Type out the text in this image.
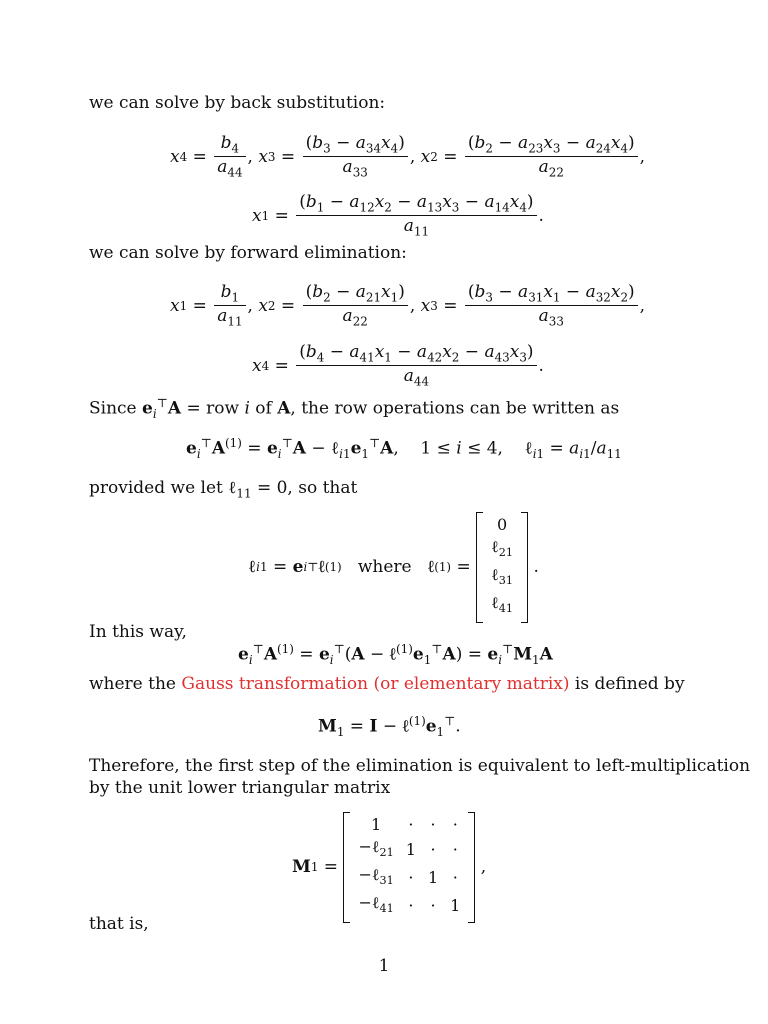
we can solve by back substitution:
x $4 = \frac{b_4}{a_{44}}$ , x $3 = \frac{(b_3 - a_{34}x_4)}{a_{33}}$ , x $2 = \frac{(b_2 - a_{23}x_3 - a_{24}x_4)}{a_{22}}$ ,
x $1 = \frac{(b_1 - a_{12}x_2 - a_{13}x_3 - a_{14}x_4)}{a_{11}}$ .
we can solve by forward elimination:
x $1 = \frac{b_1}{a_{11}}$ , x $2 = \frac{(b_2 - a_{21}x_1)}{a_{22}}$ , x $3 = \frac{(b_3 - a_{31}x_1 - a_{32}x_2)}{a_{33}}$ ,
x $4 = \frac{(b_4 - a_{41}x_1 - a_{42}x_2 - a_{43}x_3)}{a_{44}}$ .
Since $e_i^⊤A$ = row i of A, the row operations can be written as
$e_i^⊤A^{(1)} = e_i^⊤A$ − $\ell_{i1}e_1^⊤A$,    1 ≤ i ≤ 4,    ℓ$_{i1}$ = $a_{i1}/a_{11}$
provided we let ℓ$_{11}$ = 0, so that
ℓ i1 = e i ⊤ ℓ (1)
where
ℓ (1) =
0
ℓ$_{21}$
ℓ$_{31}$
ℓ$_{41}$
.
In this way,
$e_i^⊤A^{(1)} = e_i^⊤(A$ − $\ell^{(1)}e_1^⊤A) = e_i^⊤M_1A$
where the Gauss transformation (or elementary matrix) is defined by
$M_1 = I$ − $\ell^{(1)}e_1^⊤$.
Therefore, the first step of the elimination is equivalent to left-multiplication
by the unit lower triangular matrix
M 1 =
1	·	·	·
−ℓ$_{21}$	1	·	·
−ℓ$_{31}$	·	1	·
−ℓ$_{41}$	·	·	1
,
that is,
1
